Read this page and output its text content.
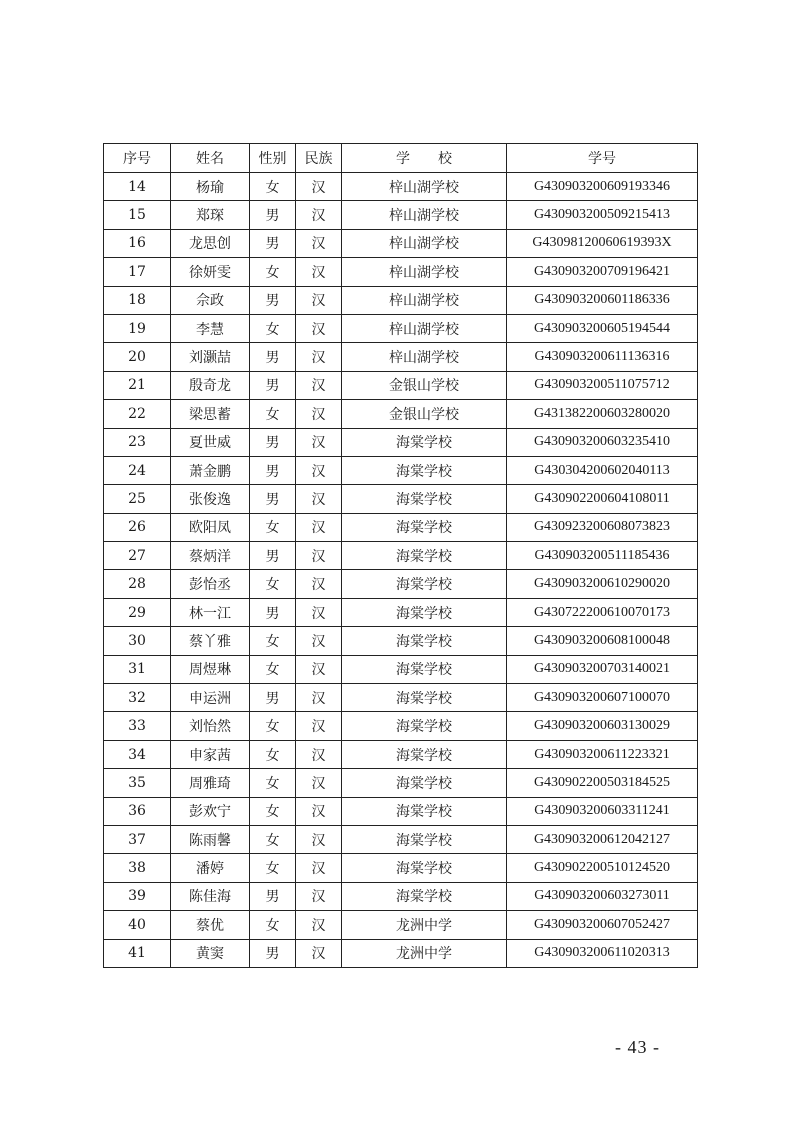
序号	姓名	性别	民族	学　　校	学号
14	杨瑜	女	汉	梓山湖学校	G430903200609193346
15	郑琛	男	汉	梓山湖学校	G430903200509215413
16	龙思创	男	汉	梓山湖学校	G43098120060619393X
17	徐妍雯	女	汉	梓山湖学校	G430903200709196421
18	佘政	男	汉	梓山湖学校	G430903200601186336
19	李慧	女	汉	梓山湖学校	G430903200605194544
20	刘灏喆	男	汉	梓山湖学校	G430903200611136316
21	殷奇龙	男	汉	金银山学校	G430903200511075712
22	梁思蓄	女	汉	金银山学校	G431382200603280020
23	夏世威	男	汉	海棠学校	G430903200603235410
24	萧金鹏	男	汉	海棠学校	G430304200602040113
25	张俊逸	男	汉	海棠学校	G430902200604108011
26	欧阳凤	女	汉	海棠学校	G430923200608073823
27	蔡炳洋	男	汉	海棠学校	G430903200511185436
28	彭怡丞	女	汉	海棠学校	G430903200610290020
29	林一江	男	汉	海棠学校	G430722200610070173
30	蔡丫雅	女	汉	海棠学校	G430903200608100048
31	周煜琳	女	汉	海棠学校	G430903200703140021
32	申运洲	男	汉	海棠学校	G430903200607100070
33	刘怡然	女	汉	海棠学校	G430903200603130029
34	申家茜	女	汉	海棠学校	G430903200611223321
35	周雅琦	女	汉	海棠学校	G430902200503184525
36	彭欢宁	女	汉	海棠学校	G430903200603311241
37	陈雨馨	女	汉	海棠学校	G430903200612042127
38	潘婷	女	汉	海棠学校	G430902200510124520
39	陈佳海	男	汉	海棠学校	G430903200603273011
40	蔡优	女	汉	龙洲中学	G430903200607052427
41	黄窦	男	汉	龙洲中学	G430903200611020313
- 43 -
